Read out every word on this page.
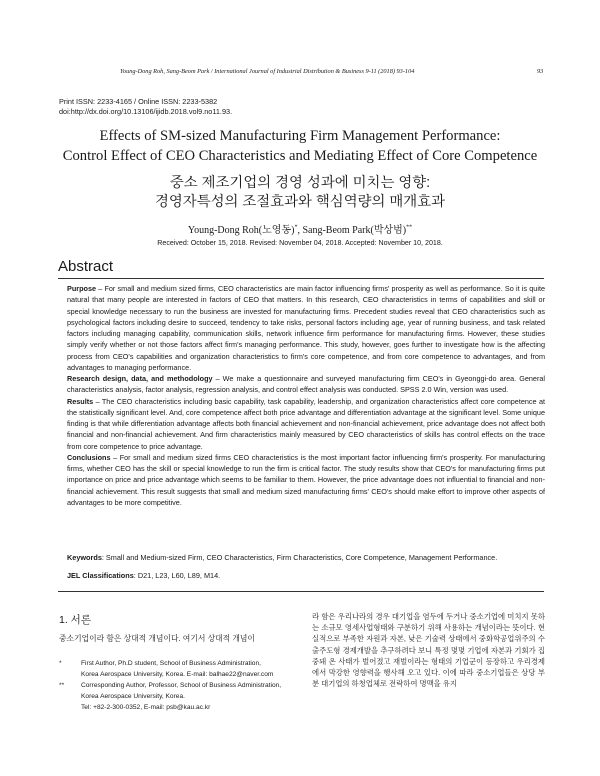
Young-Dong Roh, Sang-Beom Park / International Journal of Industrial Distribution & Business 9-11 (2018) 93-104	93
Print ISSN: 2233-4165 / Online ISSN: 2233-5382
doi:http://dx.doi.org/10.13106/ijidb.2018.vol9.no11.93.
Effects of SM-sized Manufacturing Firm Management Performance:
Control Effect of CEO Characteristics and Mediating Effect of Core Competence
중소 제조기업의 경영 성과에 미치는 영향:
경영자특성의 조절효과와 핵심역량의 매개효과
Young-Dong Roh(노영동)*, Sang-Beom Park(박상범)**
Received: October 15, 2018. Revised: November 04, 2018. Accepted: November 10, 2018.
Abstract

Purpose – For small and medium sized firms, CEO characteristics are main factor influencing firms' prosperity as well as performance. So it is quite natural that many people are interested in factors of CEO that matters. In this research, CEO characteristics in terms of capabilities and skill or special knowledge necessary to run the business are invested for manufacturing firms. Precedent studies reveal that CEO characteristics such as psychological factors including desire to succeed, tendency to take risks, personal factors including age, year of running business, and task related factors including managing capability, communication skills, network influence firm performance for manufacturing firms. However, these studies simply verify whether or not those factors affect firm's managing performance. This study, however, goes further to investigate how is the affecting process from CEO's capabilities and organization characteristics to firm's core competence, and from core competence to advantages, and from advantages to managing performance.

Research design, data, and methodology – We make a questionnaire and surveyed manufacturing firm CEO's in Gyeonggi-do area. General characteristics analysis, factor analysis, regression analysis, and control effect analysis was conducted. SPSS 2.0 Win, version was used.

Results – The CEO characteristics including basic capability, task capability, leadership, and organization characteristics affect core competence at the statistically significant level. And, core competence affect both price advantage and differentiation advantage at the significant level. Some unique finding is that while differentiation advantage affects both financial achievement and non-financial achievement, price advantage does not affect both financial and non-financial achievement. And firm characteristics mainly measured by CEO characteristics of skills has control effects on the trace from core competence to price advantage.

Conclusions – For small and medium sized firms CEO characteristics is the most important factor influencing firm's prosperity. For manufacturing firms, whether CEO has the skill or special knowledge to run the firm is critical factor. The study results show that CEO's for manufacturing firms put importance on price and price advantage which seems to be familiar to them. However, the price advantage does not influential to financial and non-financial achievement. This result suggests that small and medium sized manufacturing firms' CEO's should make effort to improve other aspects of advantages to be more competitive.

Keywords: Small and Medium-sized Firm, CEO Characteristics, Firm Characteristics, Core Competence, Management Performance.
JEL Classifications: D21, L23, L60, L89, M14.
1. 서론
중소기업이라 함은 상대적 개념이다. 여기서 상대적 개념이
*	First Author, Ph.D student, School of Business Administration,
Korea Aerospace University, Korea. E-mail: balhae22@naver.com
**	Corresponding Author, Professor, School of Business Administration,
Korea Aerospace University, Korea.
Tel: +82-2-300-0352, E-mail: psb@kau.ac.kr
라 함은 우리나라의 경우 대기업을 염두에 두거나 중소기업에 미치지 못하는 소규모 영세사업형태와 구분하기 위해 사용하는 개념이라는 뜻이다. 현실적으로 부족한 자원과 자본, 낮은 기술력 상태에서 중화학공업위주의 수출주도형 경제개발을 추구하려다 보니 특정 몇몇 기업에 자본과 기회가 집중돼 온 사태가 벌어졌고 재벌이라는 형태의 기업군이 등장하고 우리경제에서 막강한 영향력을 행사해 오고 있다. 이에 따라 중소기업들은 상당 부분 대기업의 하청업체로 전락하여 명맥을 유지
